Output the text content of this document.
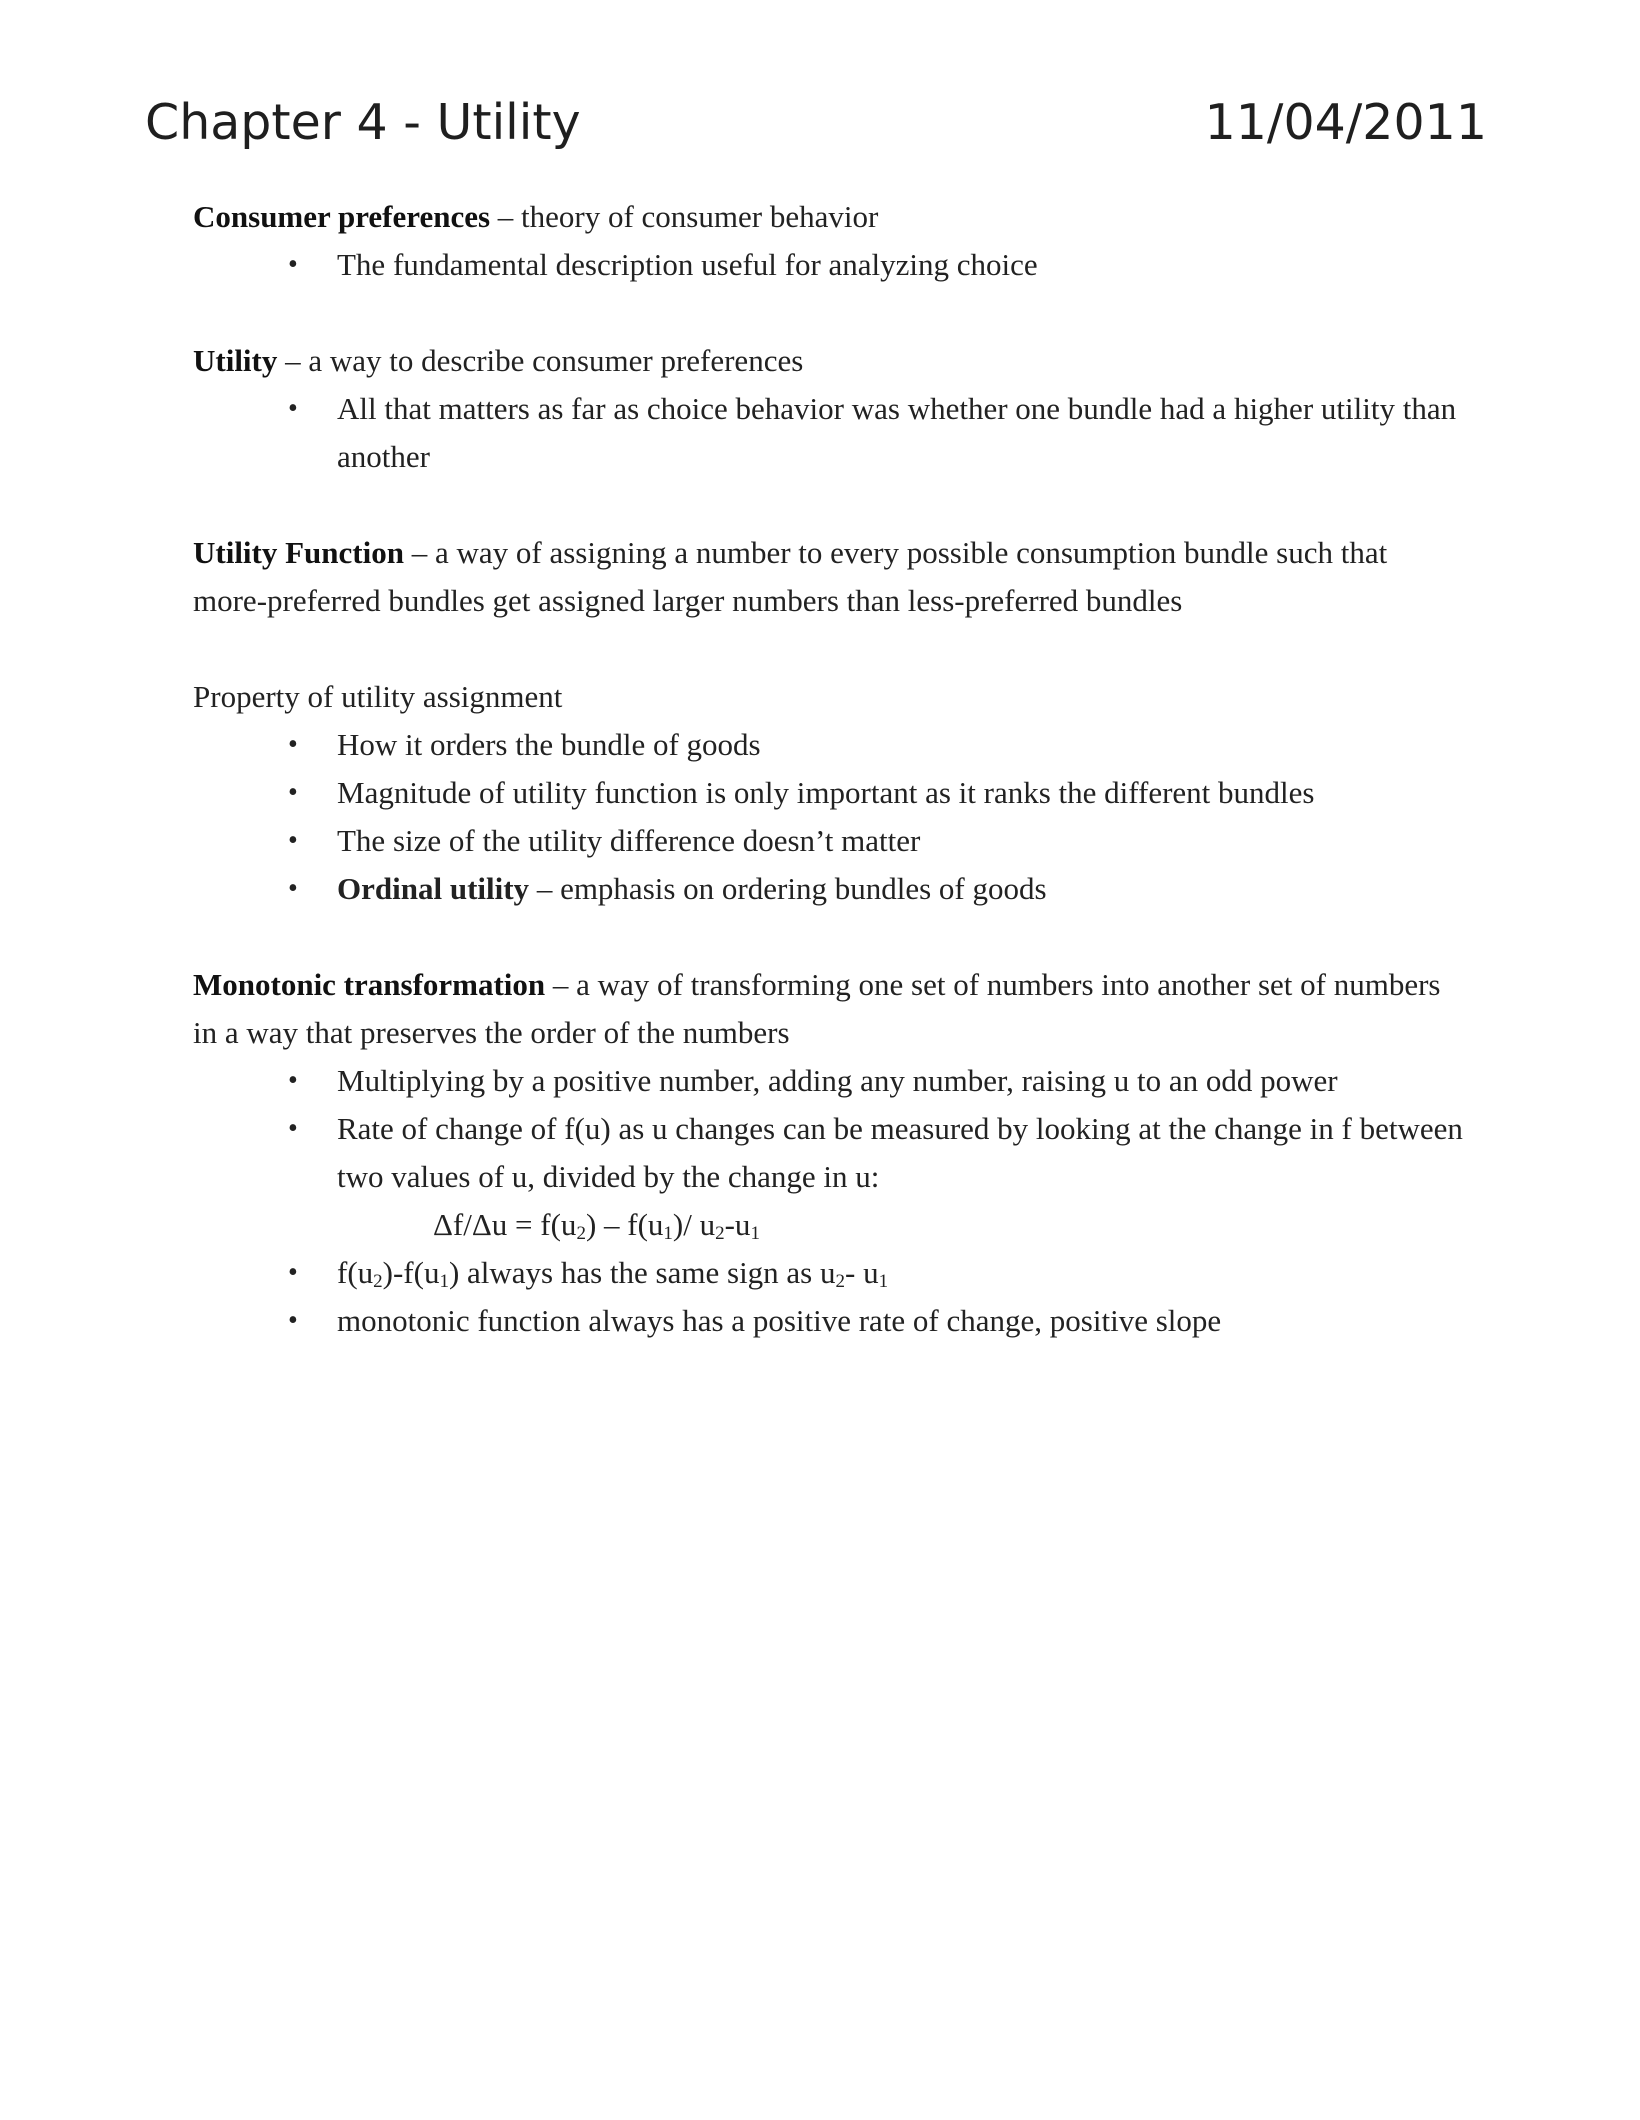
Chapter 4 - Utility	11/04/2011

Consumer preferences – theory of consumer behavior

• The fundamental description useful for analyzing choice

Utility – a way to describe consumer preferences

• All that matters as far as choice behavior was whether one bundle had a higher utility than another

Utility Function – a way of assigning a number to every possible consumption bundle such that more-preferred bundles get assigned larger numbers than less-preferred bundles

Property of utility assignment

• How it orders the bundle of goods
• Magnitude of utility function is only important as it ranks the different bundles
• The size of the utility difference doesn’t matter
• Ordinal utility – emphasis on ordering bundles of goods

Monotonic transformation – a way of transforming one set of numbers into another set of numbers in a way that preserves the order of the numbers

• Multiplying by a positive number, adding any number, raising u to an odd power
• Rate of change of f(u) as u changes can be measured by looking at the change in f between two values of u, divided by the change in u:
$\Delta f/\Delta u = f(u_2) - f(u_1)/$ $u_2-u_1$
• $f(u_2)-f(u_1)$ always has the same sign as $u_2-$ $u_1$
• monotonic function always has a positive rate of change, positive slope
